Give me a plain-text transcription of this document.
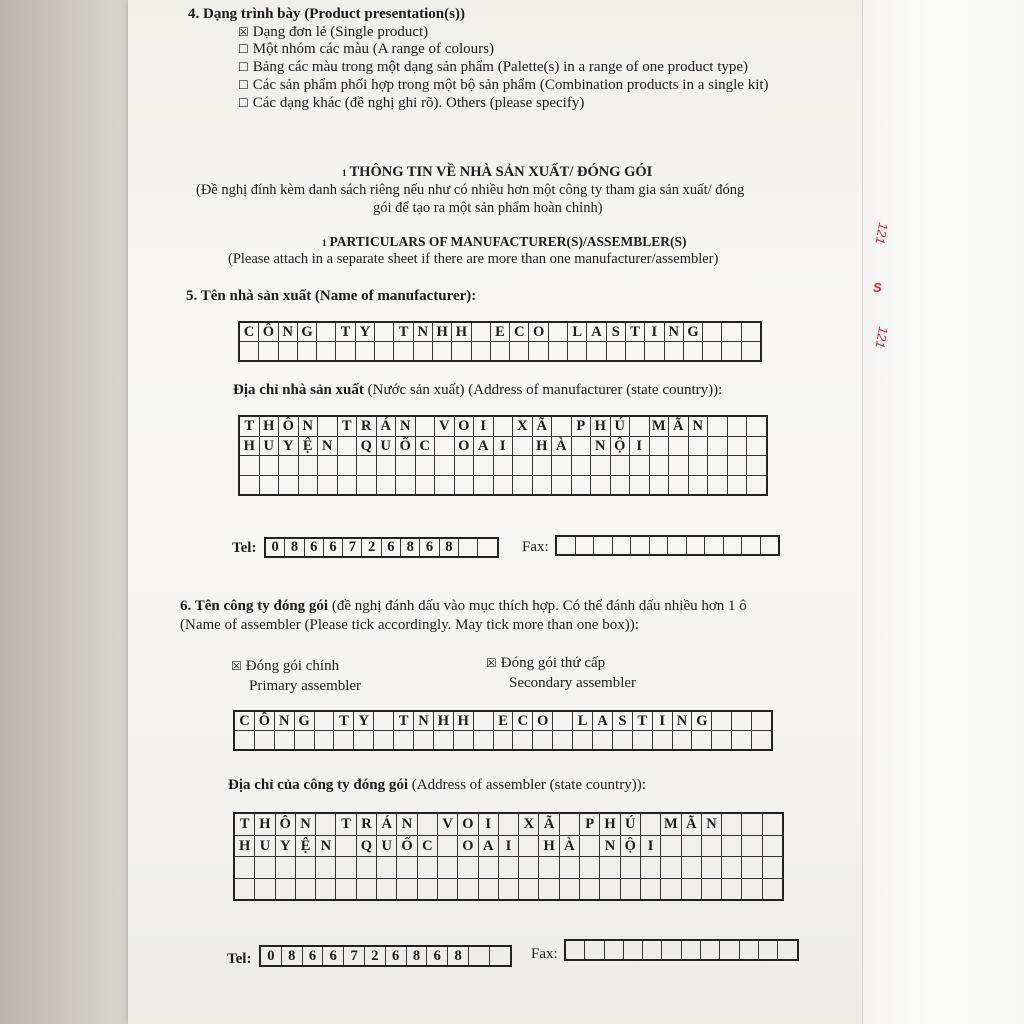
121
S
121
4. Dạng trình bày (Product presentation(s))
☒ Dạng đơn lẻ (Single product)
☐ Một nhóm các màu (A range of colours)
☐ Bảng các màu trong một dạng sản phẩm (Palette(s) in a range of one product type)
☐ Các sản phẩm phối hợp trong một bộ sản phẩm (Combination products in a single kit)
☐ Các dạng khác (đề nghị ghi rõ). Others (please specify)
1 THÔNG TIN VỀ NHÀ SẢN XUẤT/ ĐÓNG GÓI
(Đề nghị đính kèm danh sách riêng nếu như có nhiều hơn một công ty tham gia sản xuất/ đóng
gói để tạo ra một sản phẩm hoàn chỉnh)
1 PARTICULARS OF MANUFACTURER(S)/ASSEMBLER(S)
(Please attach in a separate sheet if there are more than one manufacturer/assembler)
5. Tên nhà sản xuất (Name of manufacturer):
C	Ô	N	G		T	Y		T	N	H	H		E	C	O		L	A	S	T	I	N	G			

Địa chỉ nhà sản xuất (Nước sản xuất) (Address of manufacturer (state country)):
T	H	Ô	N		T	R	Á	N		V	O	I		X	Ã		P	H	Ú		M	Ã	N			
H	U	Y	Ệ	N		Q	U	Ố	C		O	A	I		H	À		N	Ộ	I						

Tel: 0	8	6	6	7	2	6	8	6	8			Fax:

6. Tên công ty đóng gói (đề nghị đánh dấu vào mục thích hợp. Có thể đánh dấu nhiều hơn 1 ô
(Name of assembler (Please tick accordingly. May tick more than one box)):
☒ Đóng gói chính
Primary assembler
☒ Đóng gói thứ cấp
Secondary assembler
C	Ô	N	G		T	Y		T	N	H	H		E	C	O		L	A	S	T	I	N	G			

Địa chỉ của công ty đóng gói (Address of assembler (state country)):
T	H	Ô	N		T	R	Á	N		V	O	I		X	Ã		P	H	Ú		M	Ã	N			
H	U	Y	Ệ	N		Q	U	Ố	C		O	A	I		H	À		N	Ộ	I						

Tel: 0	8	6	6	7	2	6	8	6	8			Fax:
